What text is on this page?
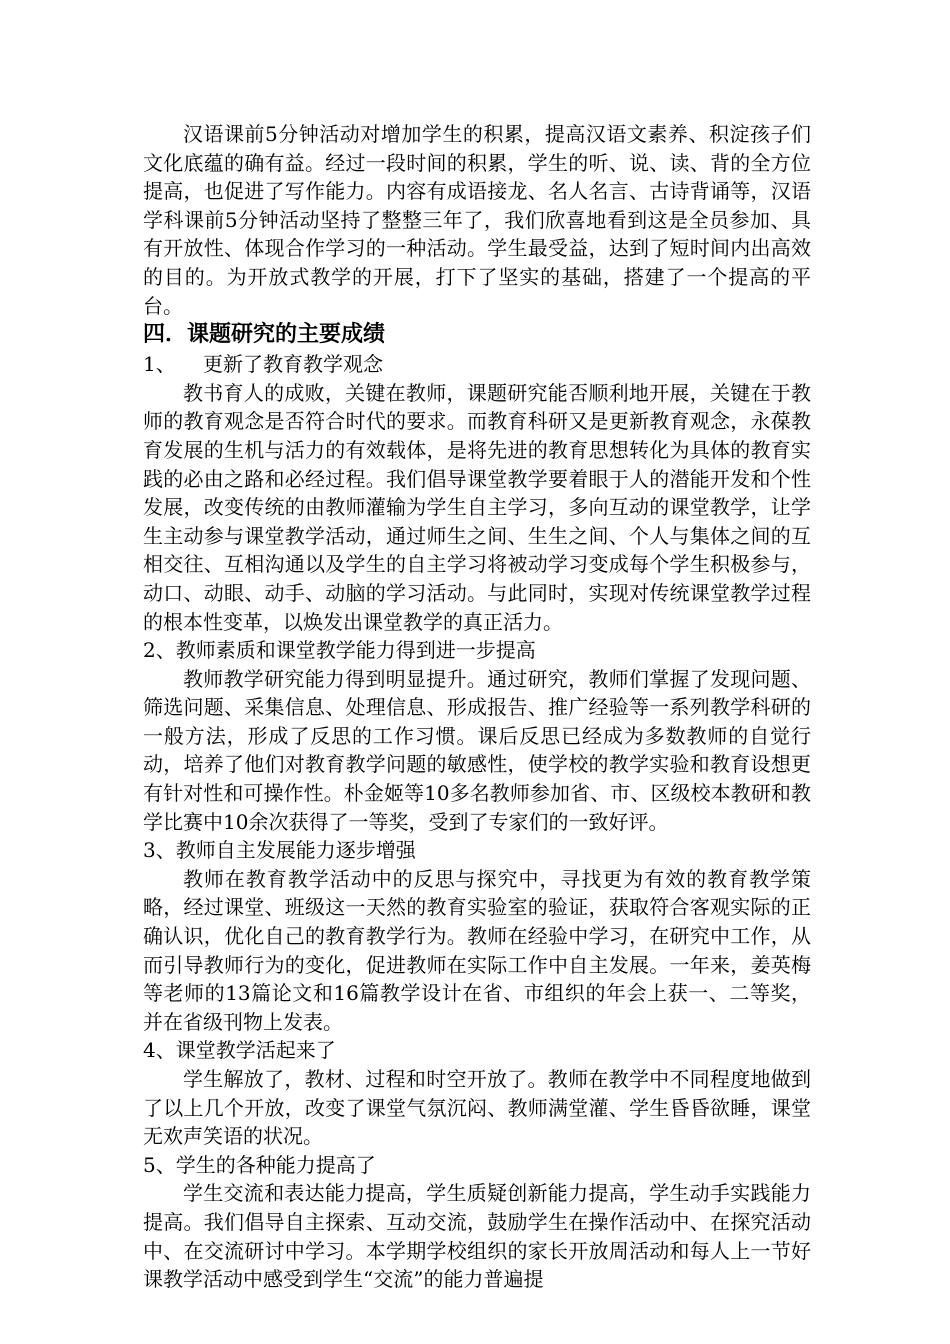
汉语课前5分钟活动对增加学生的积累，提高汉语文素养、积淀孩子们文化底蕴的确有益。经过一段时间的积累，学生的听、说、读、背的全方位提高，也促进了写作能力。内容有成语接龙、名人名言、古诗背诵等，汉语学科课前5分钟活动坚持了整整三年了，我们欣喜地看到这是全员参加、具有开放性、体现合作学习的一种活动。学生最受益，达到了短时间内出高效的目的。为开放式教学的开展，打下了坚实的基础，搭建了一个提高的平台。

四．课题研究的主要成绩

1、 更新了教育教学观念

教书育人的成败，关键在教师，课题研究能否顺利地开展，关键在于教师的教育观念是否符合时代的要求。而教育科研又是更新教育观念，永葆教育发展的生机与活力的有效载体，是将先进的教育思想转化为具体的教育实践的必由之路和必经过程。我们倡导课堂教学要着眼于人的潜能开发和个性发展，改变传统的由教师灌输为学生自主学习，多向互动的课堂教学，让学生主动参与课堂教学活动，通过师生之间、生生之间、个人与集体之间的互相交往、互相沟通以及学生的自主学习将被动学习变成每个学生积极参与，动口、动眼、动手、动脑的学习活动。与此同时，实现对传统课堂教学过程的根本性变革，以焕发出课堂教学的真正活力。

2、教师素质和课堂教学能力得到进一步提高

教师教学研究能力得到明显提升。通过研究，教师们掌握了发现问题、筛选问题、采集信息、处理信息、形成报告、推广经验等一系列教学科研的一般方法，形成了反思的工作习惯。课后反思已经成为多数教师的自觉行动，培养了他们对教育教学问题的敏感性，使学校的教学实验和教育设想更有针对性和可操作性。朴金姬等10多名教师参加省、市、区级校本教研和教学比赛中10余次获得了一等奖，受到了专家们的一致好评。

3、教师自主发展能力逐步增强

教师在教育教学活动中的反思与探究中，寻找更为有效的教育教学策略，经过课堂、班级这一天然的教育实验室的验证，获取符合客观实际的正确认识，优化自己的教育教学行为。教师在经验中学习，在研究中工作，从而引导教师行为的变化，促进教师在实际工作中自主发展。一年来，姜英梅等老师的13篇论文和16篇教学设计在省、市组织的年会上获一、二等奖，并在省级刊物上发表。

4、课堂教学活起来了

学生解放了，教材、过程和时空开放了。教师在教学中不同程度地做到了以上几个开放，改变了课堂气氛沉闷、教师满堂灌、学生昏昏欲睡，课堂无欢声笑语的状况。

5、学生的各种能力提高了

学生交流和表达能力提高，学生质疑创新能力提高，学生动手实践能力提高。我们倡导自主探索、互动交流，鼓励学生在操作活动中、在探究活动中、在交流研讨中学习。本学期学校组织的家长开放周活动和每人上一节好课教学活动中感受到学生“交流”的能力普遍提
